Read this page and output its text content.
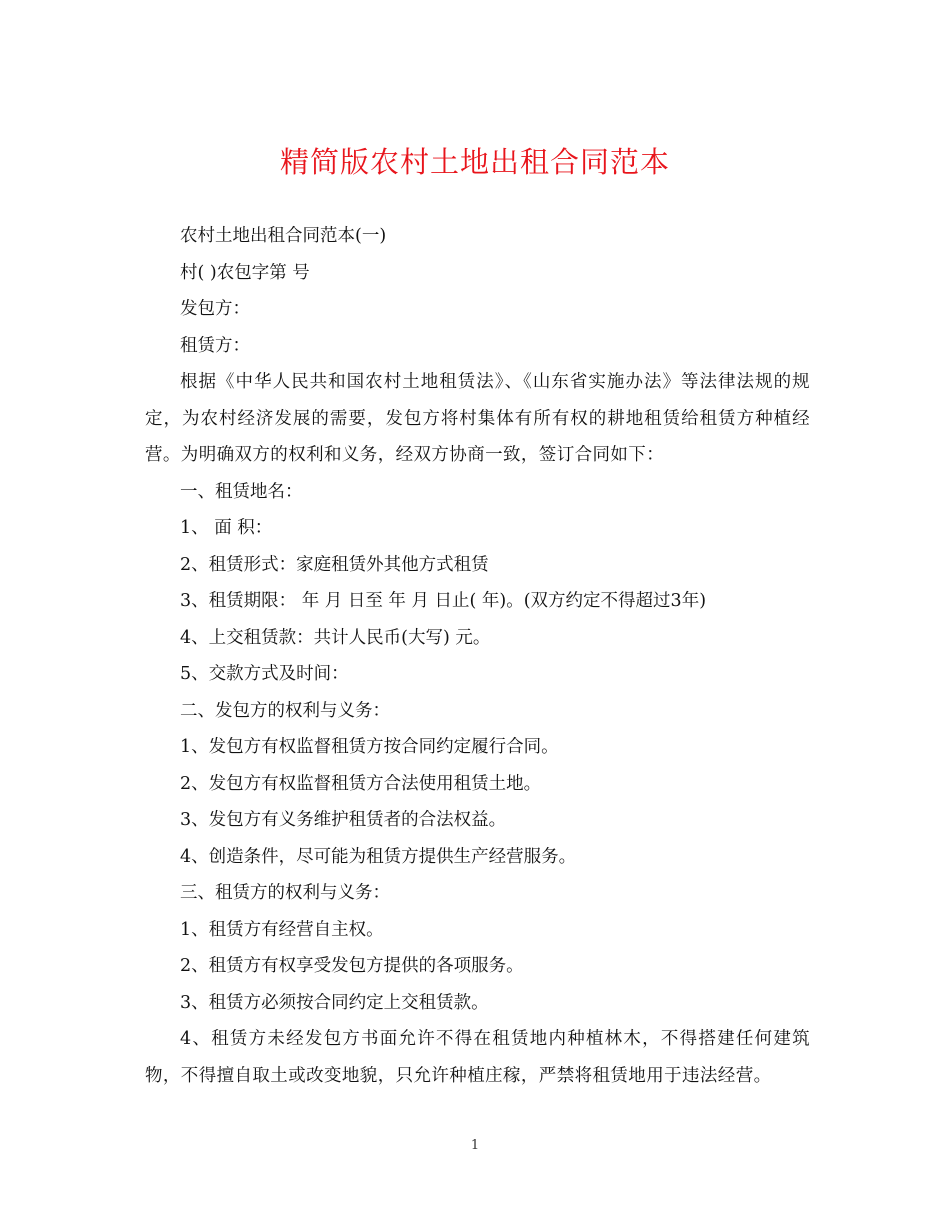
精简版农村土地出租合同范本

农村土地出租合同范本(一)

村( )农包字第 号

发包方：

租赁方：

根据《中华人民共和国农村土地租赁法》、《山东省实施办法》等法律法规的规定，为农村经济发展的需要，发包方将村集体有所有权的耕地租赁给租赁方种植经营。为明确双方的权利和义务，经双方协商一致，签订合同如下：

一、租赁地名：

1、 面 积：

2、租赁形式：家庭租赁外其他方式租赁

3、租赁期限： 年 月 日至 年 月 日止( 年)。(双方约定不得超过3年)

4、上交租赁款：共计人民币(大写) 元。

5、交款方式及时间：

二、发包方的权利与义务：

1、发包方有权监督租赁方按合同约定履行合同。

2、发包方有权监督租赁方合法使用租赁土地。

3、发包方有义务维护租赁者的合法权益。

4、创造条件，尽可能为租赁方提供生产经营服务。

三、租赁方的权利与义务：

1、租赁方有经营自主权。

2、租赁方有权享受发包方提供的各项服务。

3、租赁方必须按合同约定上交租赁款。

4、租赁方未经发包方书面允许不得在租赁地内种植林木，不得搭建任何建筑物，不得擅自取土或改变地貌，只允许种植庄稼，严禁将租赁地用于违法经营。

1
